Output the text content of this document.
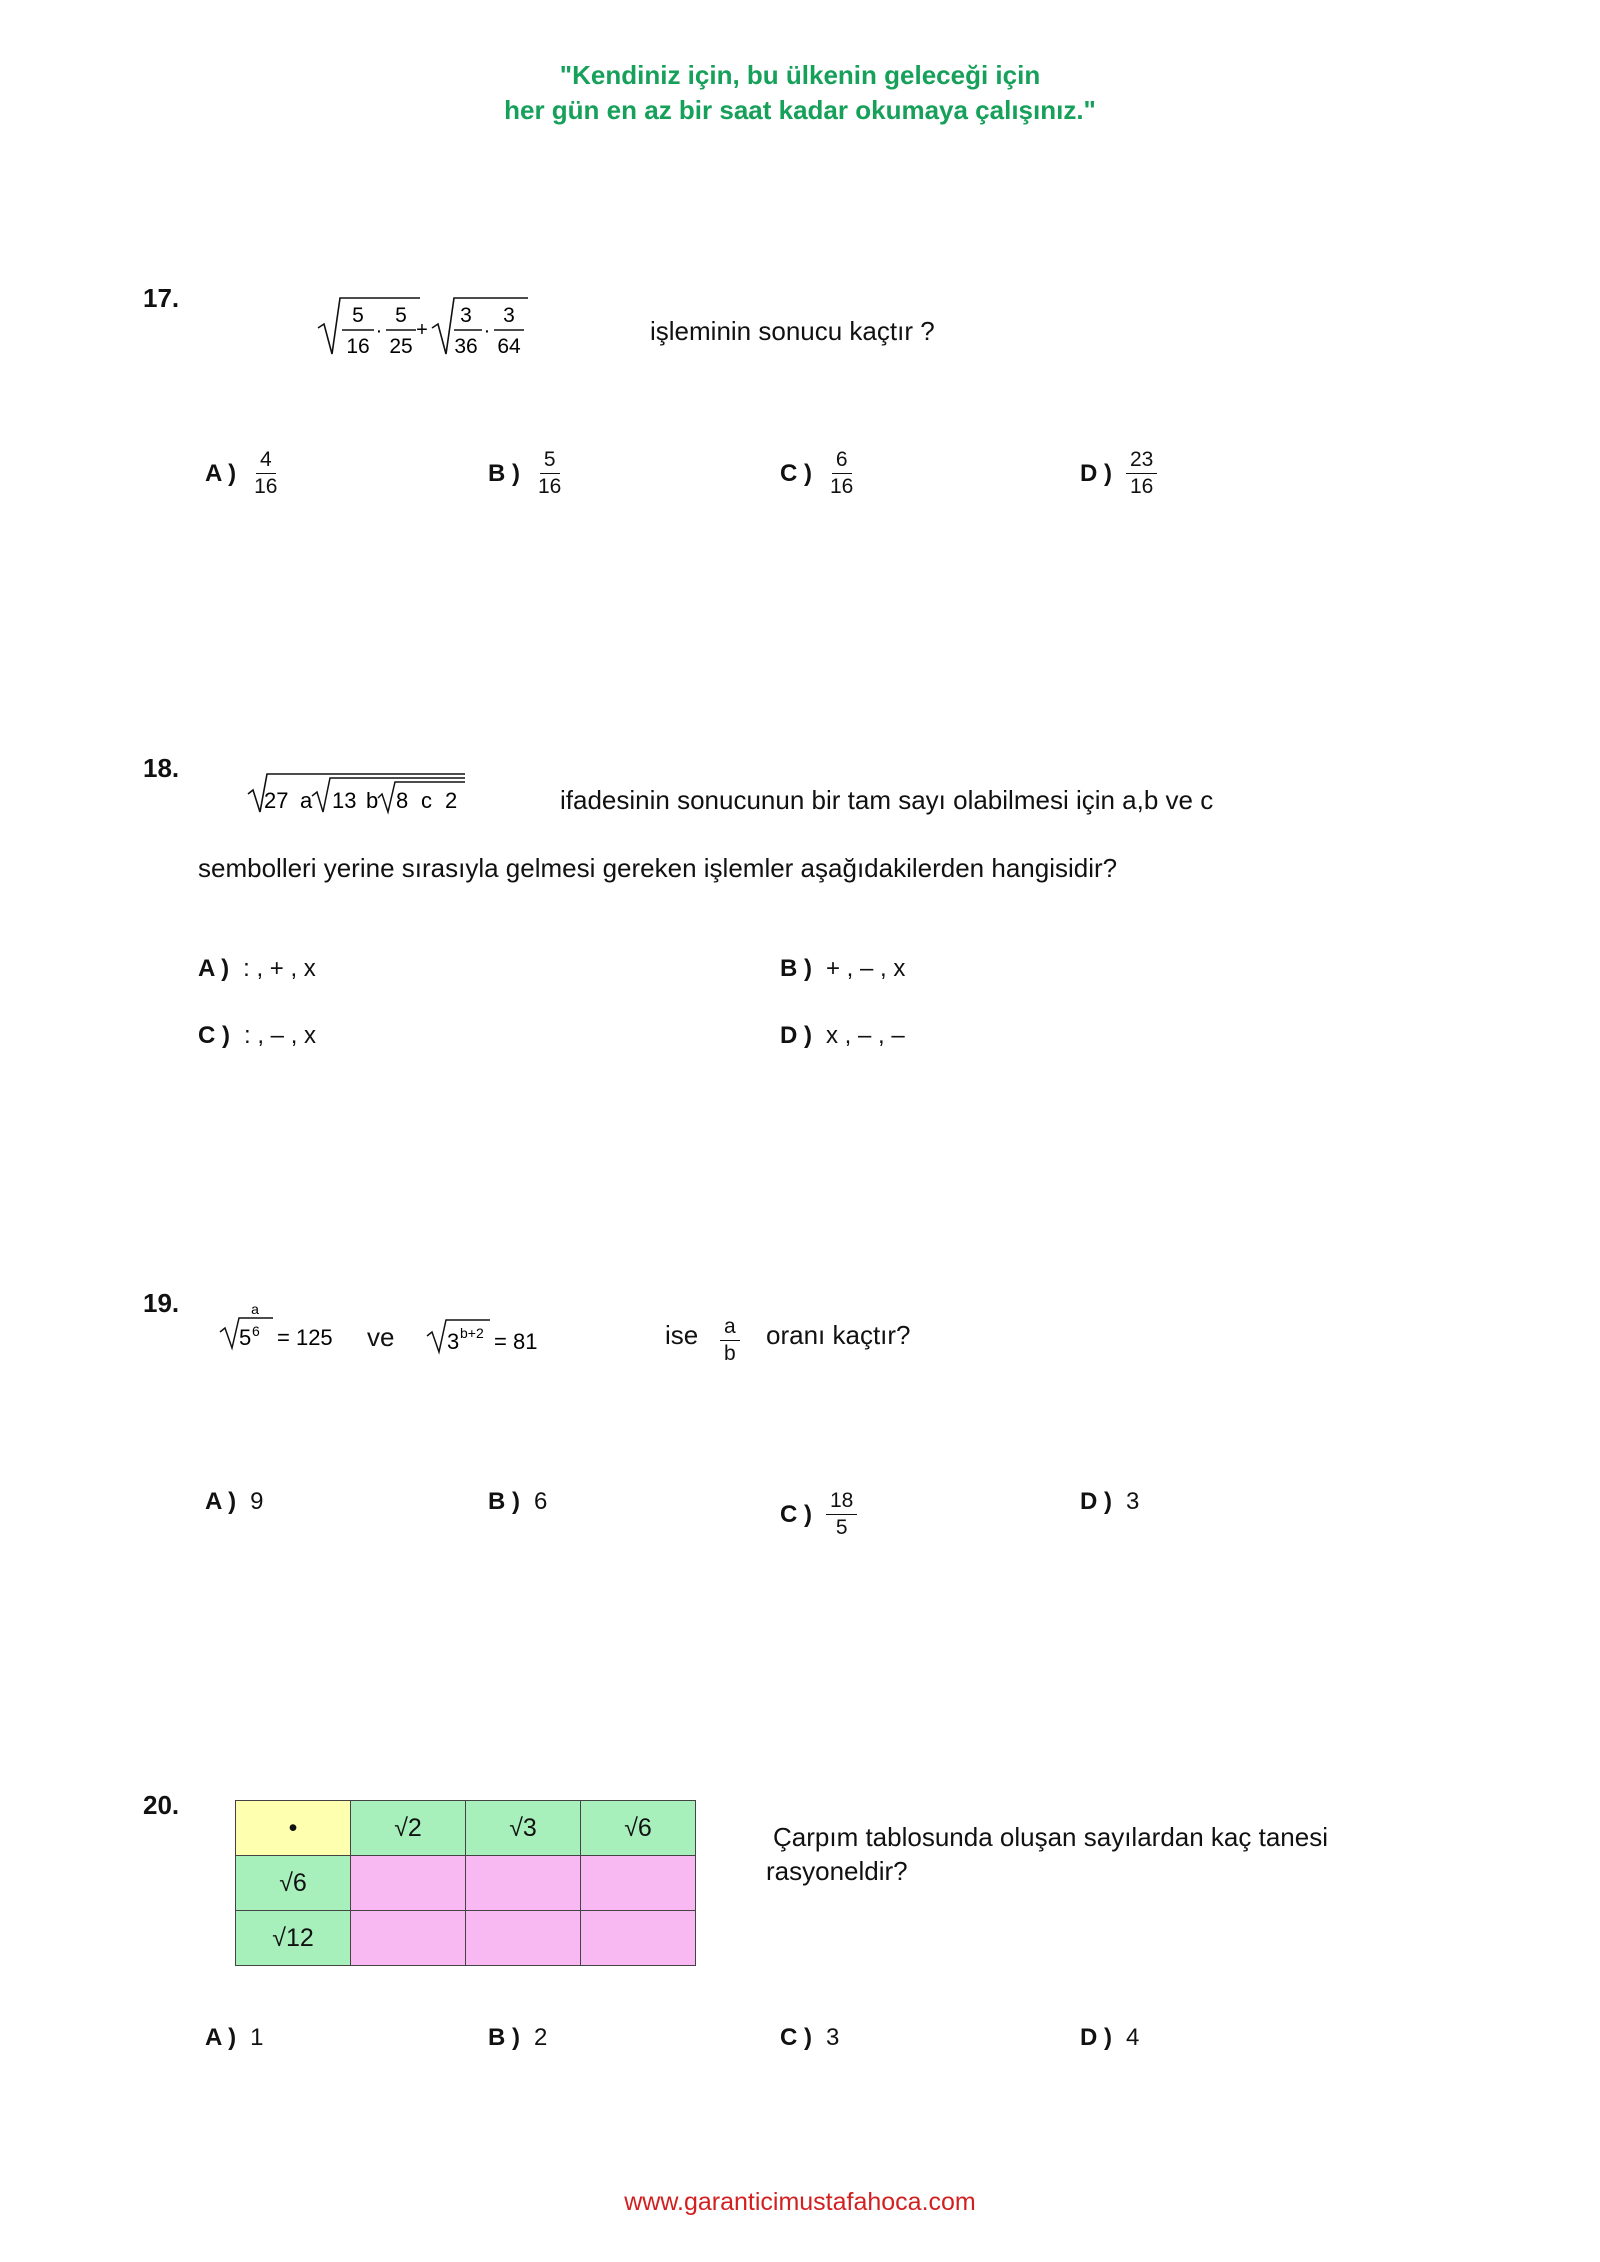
"Kendiniz için, bu ülkenin geleceği için
her gün en az bir saat kadar okumaya çalışınız."
17.
5
16
·
5
25
+
3
36
·
3
64
işleminin sonucu kaçtır ?
A ) $\frac{4}{16}$	B ) $\frac{5}{16}$	C ) $\frac{6}{16}$	D ) $\frac{23}{16}$
18.
27 a 13 b 8 c 2	ifadesinin sonucunun bir tam sayı olabilmesi için a,b ve c
sembolleri yerine sırasıyla gelmesi gereken işlemler aşağıdakilerden hangisidir?
A ) : , + , x	B ) + , – , x
C ) : , – , x	D ) x , – , –
19.	a
5 6 = 125 ve 3 b+2 = 81	ise $\frac{a}{b}$ oranı kaçtır?
A ) 9	B ) 6	C ) $\frac{18}{5}$	D ) 3
20.
•	√2	√3	√6
√6			
√12			
Çarpım tablosunda oluşan sayılardan kaç tanesi
rasyoneldir?
A ) 1	B ) 2	C ) 3	D ) 4
www.garanticimustafahoca.com
